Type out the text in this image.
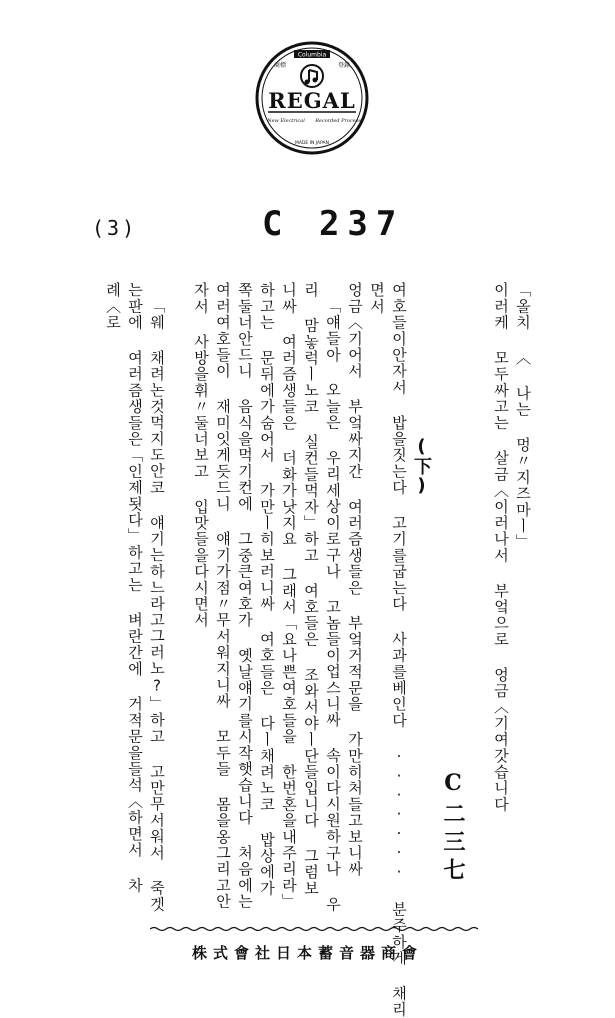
Columbia
商標	登錄
REGAL
New Electrical Recorded Process
MADE IN JAPAN
(3)	C 237
(下)	「올치 〈 나는 멍〃지즈마ㅣ」
이러케 모두싸고는 살금〈이러나서 부엌으로 엉금〈기여갓습니다
여호들이안자서 밥을짓는다 고기를굽는다 사과를베인다 ······· 분주하게 채리
면서
엉금〈기어서 부엌싸지간 여러즘생들은 부엌거적문을 가만히처들고보니싸
「얘들아 오늘은 우리세상이로구나 고놈들이업스니싸 속이다시원하구나 우
리 맘놓럭ㅣ노코 실컨들먹자」하고 여호들은 조와서야ㅣ단들입니다 그럼보
니싸 여러즘생들은 더화가낫지요 그래서「요나쁜여호들을 한번혼을내주리라」
하고는 문뒤에가숨어서 가만ㅣ히보러니싸 여호들은 다ㅣ채려노코 밥상에가
쪽둘너안드니 음식을먹기컨에 그중큰여호가 옛날얘기를시작햇습니다 처음에는
여러여호들이 재미잇게듯드니 얘기가점〃무서워지니싸 모두들 몸을옹그리고안
자서 사방을휘〃둘너보고 입맛들을다시면서
「웨 채려논것먹지도안코 얘기는하느라고그러노?」하고 고만무서워서 죽겟
는판에 여러즘생들은「인제됫다」하고는 벼란간에 거적문을들석〈하면서 차
례〈로
C二三七
株式會社日本蓄音器商會
